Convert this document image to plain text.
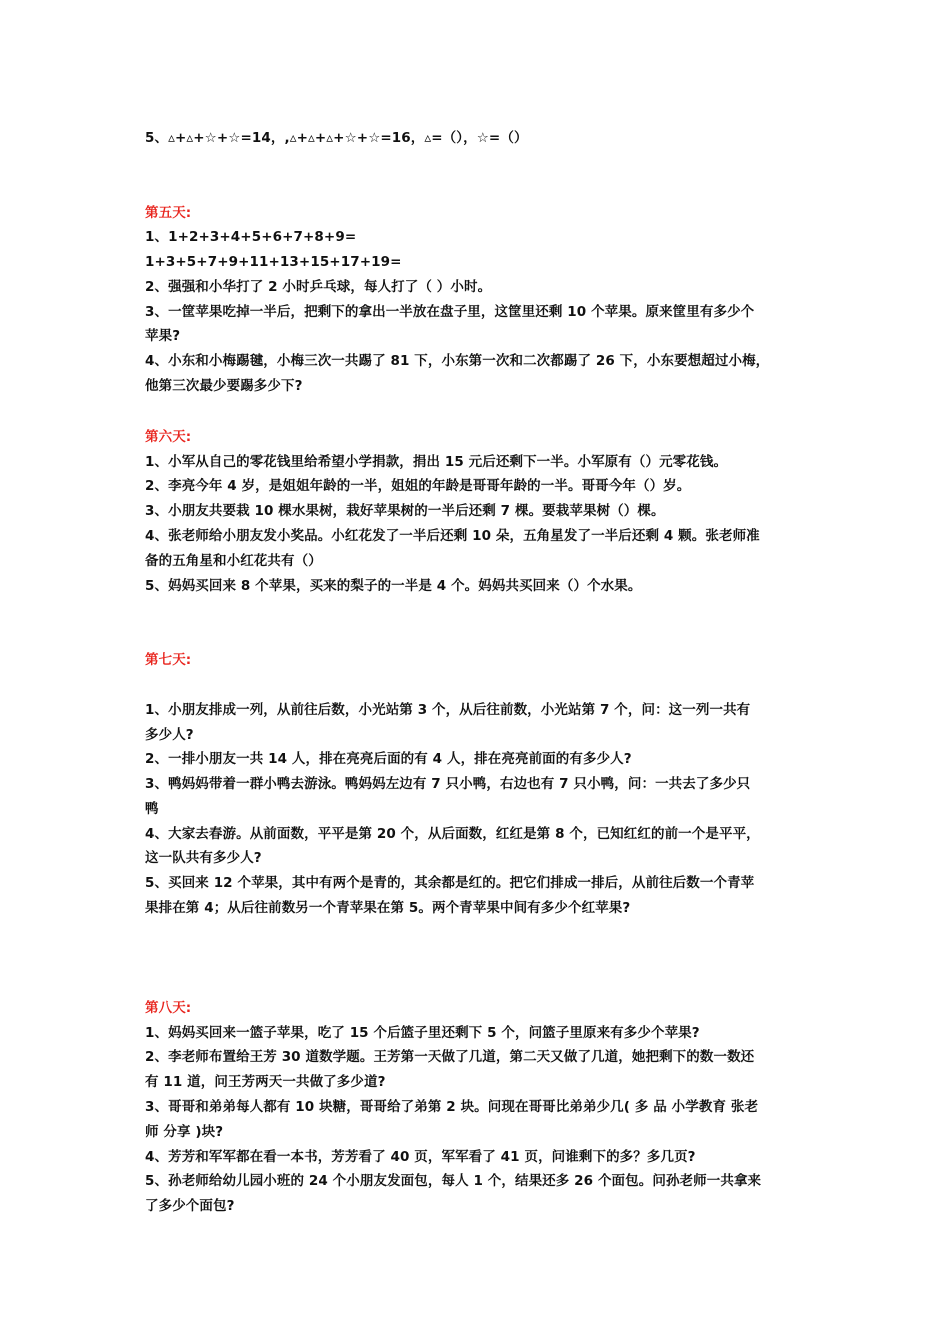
5、▵+▵+☆+☆=14，,▵+▵+▵+☆+☆=16，▵=（），☆=（）
第五天:
1、1+2+3+4+5+6+7+8+9=
1+3+5+7+9+11+13+15+17+19=
2、强强和小华打了 2 小时乒乓球，每人打了（ ）小时。
3、一筐苹果吃掉一半后，把剩下的拿出一半放在盘子里，这筐里还剩 10 个苹果。原来筐里有多少个
苹果?
4、小东和小梅踢毽，小梅三次一共踢了 81 下，小东第一次和二次都踢了 26 下，小东要想超过小梅，
他第三次最少要踢多少下?
第六天:
1、小军从自己的零花钱里给希望小学捐款，捐出 15 元后还剩下一半。小军原有（）元零花钱。
2、李亮今年 4 岁，是姐姐年龄的一半，姐姐的年龄是哥哥年龄的一半。哥哥今年（）岁。
3、小朋友共要栽 10 棵水果树，栽好苹果树的一半后还剩 7 棵。要栽苹果树（）棵。
4、张老师给小朋友发小奖品。小红花发了一半后还剩 10 朵，五角星发了一半后还剩 4 颗。张老师准
备的五角星和小红花共有（）
5、妈妈买回来 8 个苹果，买来的梨子的一半是 4 个。妈妈共买回来（）个水果。
第七天:
1、小朋友排成一列，从前往后数，小光站第 3 个，从后往前数，小光站第 7 个，问：这一列一共有
多少人?
2、一排小朋友一共 14 人，排在亮亮后面的有 4 人，排在亮亮前面的有多少人?
3、鸭妈妈带着一群小鸭去游泳。鸭妈妈左边有 7 只小鸭，右边也有 7 只小鸭，问：一共去了多少只
鸭
4、大家去春游。从前面数，平平是第 20 个，从后面数，红红是第 8 个，已知红红的前一个是平平，
这一队共有多少人?
5、买回来 12 个苹果，其中有两个是青的，其余都是红的。把它们排成一排后，从前往后数一个青苹
果排在第 4；从后往前数另一个青苹果在第 5。两个青苹果中间有多少个红苹果?
第八天:
1、妈妈买回来一篮子苹果，吃了 15 个后篮子里还剩下 5 个，问篮子里原来有多少个苹果?
2、李老师布置给王芳 30 道数学题。王芳第一天做了几道，第二天又做了几道，她把剩下的数一数还
有 11 道，问王芳两天一共做了多少道?
3、哥哥和弟弟每人都有 10 块糖，哥哥给了弟第 2 块。问现在哥哥比弟弟少几( 多 品 小学教育 张老
师 分享 )块?
4、芳芳和军军都在看一本书，芳芳看了 40 页，军军看了 41 页，问谁剩下的多？多几页?
5、孙老师给幼儿园小班的 24 个小朋友发面包，每人 1 个，结果还多 26 个面包。问孙老师一共拿来
了多少个面包?
